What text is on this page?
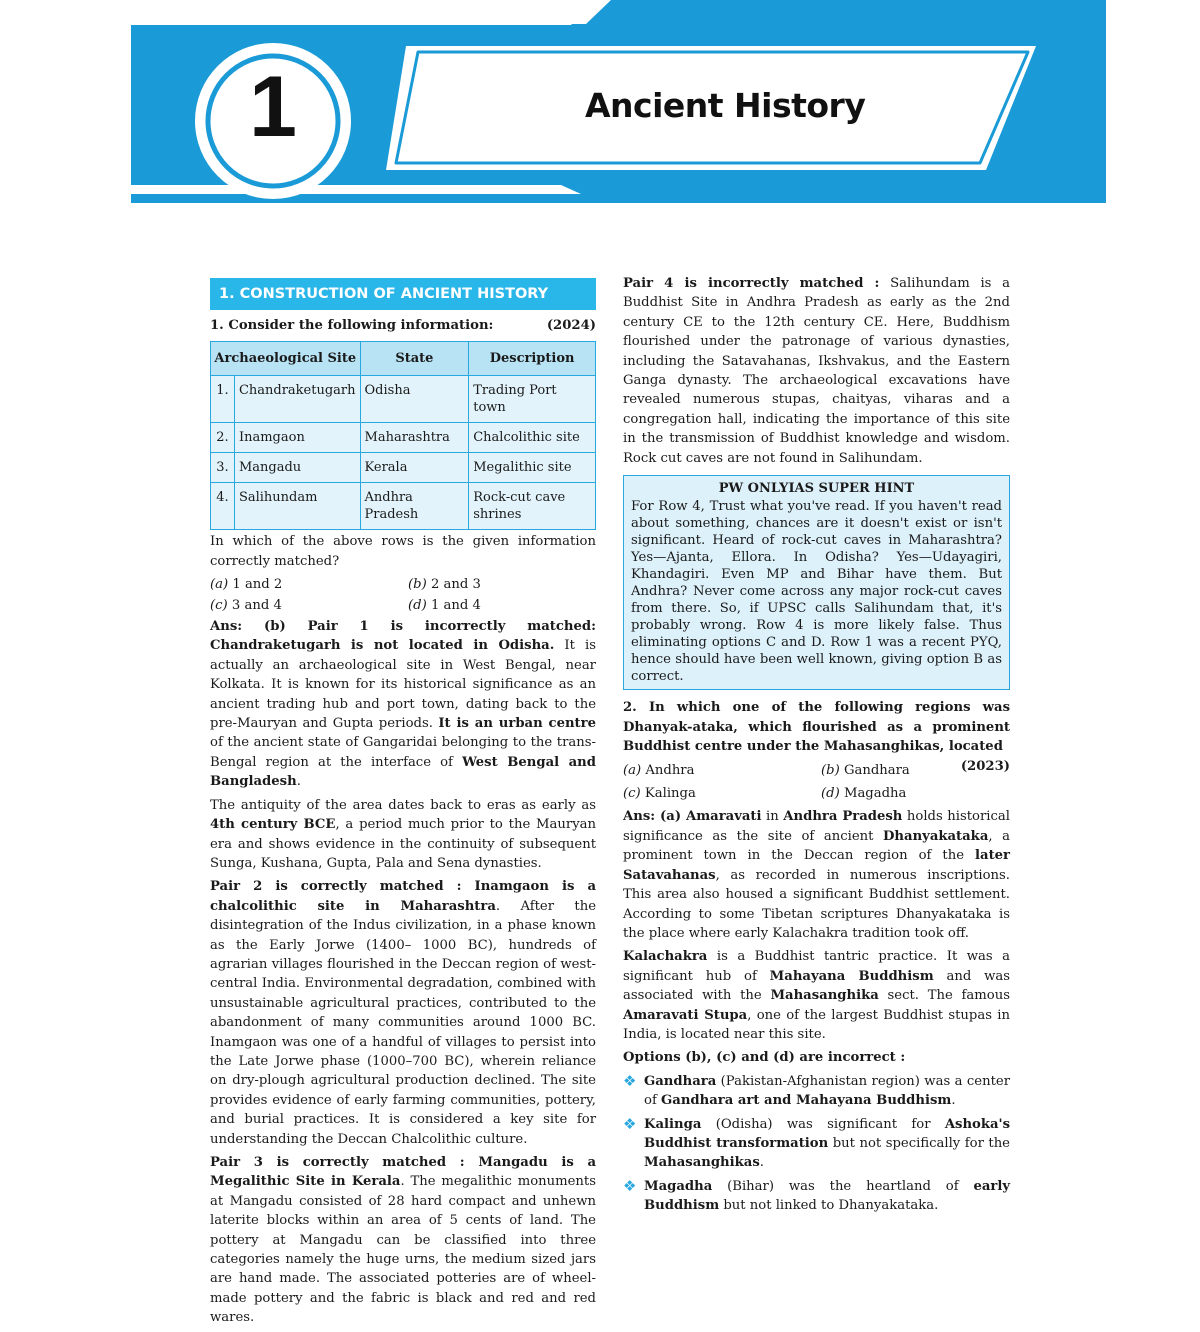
1	Ancient History
1. CONSTRUCTION OF ANCIENT HISTORY
1. Consider the following information:	(2024)
Archaeological Site		State	Description
1.	Chandraketugarh	Odisha	Trading Port town
2.	Inamgaon	Maharashtra	Chalcolithic site
3.	Mangadu	Kerala	Megalithic site
4.	Salihundam	Andhra Pradesh	Rock-cut cave shrines

In which of the above rows is the given information correctly matched?

(a) 1 and 2	(b) 2 and 3
(c) 3 and 4	(d) 1 and 4

Ans: (b) Pair 1 is incorrectly matched: Chandraketugarh is not located in Odisha. It is actually an archaeological site in West Bengal, near Kolkata. It is known for its historical significance as an ancient trading hub and port town, dating back to the pre-Mauryan and Gupta periods. It is an urban centre of the ancient state of Gangaridai belonging to the trans-Bengal region at the interface of West Bengal and Bangladesh.

The antiquity of the area dates back to eras as early as 4th century BCE, a period much prior to the Mauryan era and shows evidence in the continuity of subsequent Sunga, Kushana, Gupta, Pala and Sena dynasties.

Pair 2 is correctly matched : Inamgaon is a chalcolithic site in Maharashtra. After the disintegration of the Indus civilization, in a phase known as the Early Jorwe (1400– 1000 BC), hundreds of agrarian villages flourished in the Deccan region of west-central India. Environmental degradation, combined with unsustainable agricultural practices, contributed to the abandonment of many communities around 1000 BC. Inamgaon was one of a handful of villages to persist into the Late Jorwe phase (1000–700 BC), wherein reliance on dry-plough agricultural production declined. The site provides evidence of early farming communities, pottery, and burial practices. It is considered a key site for understanding the Deccan Chalcolithic culture.

Pair 3 is correctly matched : Mangadu is a Megalithic Site in Kerala. The megalithic monuments at Mangadu consisted of 28 hard compact and unhewn laterite blocks within an area of 5 cents of land. The pottery at Mangadu can be classified into three categories namely the huge urns, the medium sized jars are hand made. The associated potteries are of wheel-made pottery and the fabric is black and red and red wares.

Pair 4 is incorrectly matched : Salihundam is a Buddhist Site in Andhra Pradesh as early as the 2nd century CE to the 12th century CE. Here, Buddhism flourished under the patronage of various dynasties, including the Satavahanas, Ikshvakus, and the Eastern Ganga dynasty. The archaeological excavations have revealed numerous stupas, chaityas, viharas and a congregation hall, indicating the importance of this site in the transmission of Buddhist knowledge and wisdom. Rock cut caves are not found in Salihundam.

PW ONLYIAS SUPER HINT

For Row 4, Trust what you've read. If you haven't read about something, chances are it doesn't exist or isn't significant. Heard of rock-cut caves in Maharashtra? Yes—Ajanta, Ellora. In Odisha? Yes—Udayagiri, Khandagiri. Even MP and Bihar have them. But Andhra? Never come across any major rock-cut caves from there. So, if UPSC calls Salihundam that, it's probably wrong. Row 4 is more likely false. Thus eliminating options C and D. Row 1 was a recent PYQ, hence should have been well known, giving option B as correct.

2. In which one of the following regions was Dhanyak-ataka, which flourished as a prominent Buddhist centre under the Mahasanghikas, located
(2023)

(a) Andhra	(b) Gandhara
(c) Kalinga	(d) Magadha

Ans: (a) Amaravati in Andhra Pradesh holds historical significance as the site of ancient Dhanyakataka, a prominent town in the Deccan region of the later Satavahanas, as recorded in numerous inscriptions. This area also housed a significant Buddhist settlement. According to some Tibetan scriptures Dhanyakataka is the place where early Kalachakra tradition took off.

Kalachakra is a Buddhist tantric practice. It was a significant hub of Mahayana Buddhism and was associated with the Mahasanghika sect. The famous Amaravati Stupa, one of the largest Buddhist stupas in India, is located near this site.

Options (b), (c) and (d) are incorrect :

❖ Gandhara (Pakistan-Afghanistan region) was a center of Gandhara art and Mahayana Buddhism.
❖ Kalinga (Odisha) was significant for Ashoka's Buddhist transformation but not specifically for the Mahasanghikas.
❖ Magadha (Bihar) was the heartland of early Buddhism but not linked to Dhanyakataka.
